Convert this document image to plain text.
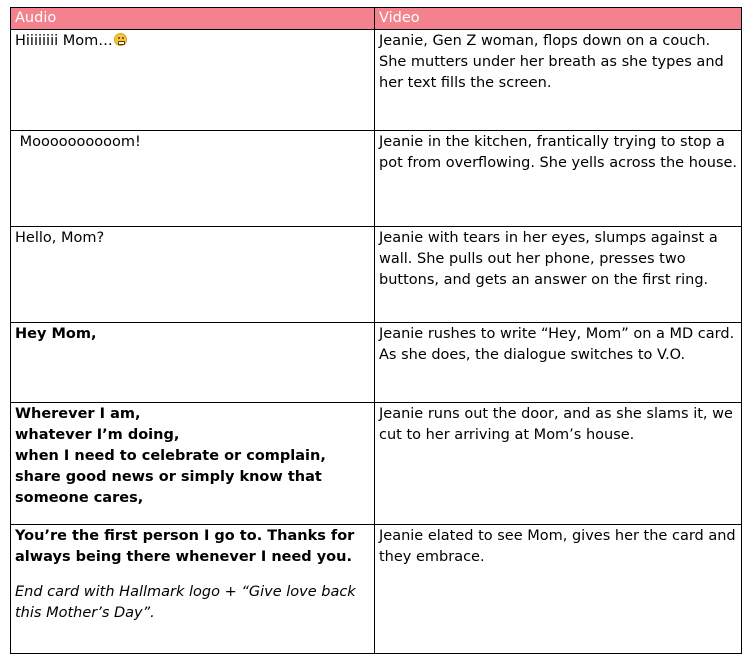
Audio	Video
Hiiiiiiii Mom…	Jeanie, Gen Z woman, flops down on a couch. She mutters under her breath as she types and her text fills the screen.
Moooooooooom!	Jeanie in the kitchen, frantically trying to stop a pot from overflowing. She yells across the house.
Hello, Mom?	Jeanie with tears in her eyes, slumps against a wall. She pulls out her phone, presses two buttons, and gets an answer on the first ring.
Hey Mom,	Jeanie rushes to write “Hey, Mom” on a MD card. As she does, the dialogue switches to V.O.

Wherever I am,
whatever I’m doing,
when I need to celebrate or complain,
share good news or simply know that
someone cares,	Jeanie runs out the door, and as she slams it, we cut to her arriving at Mom’s house.

You’re the first person I go to. Thanks for
always being there whenever I need you.
End card with Hallmark logo + “Give love back this Mother’s Day”.	Jeanie elated to see Mom, gives her the card and they embrace.
